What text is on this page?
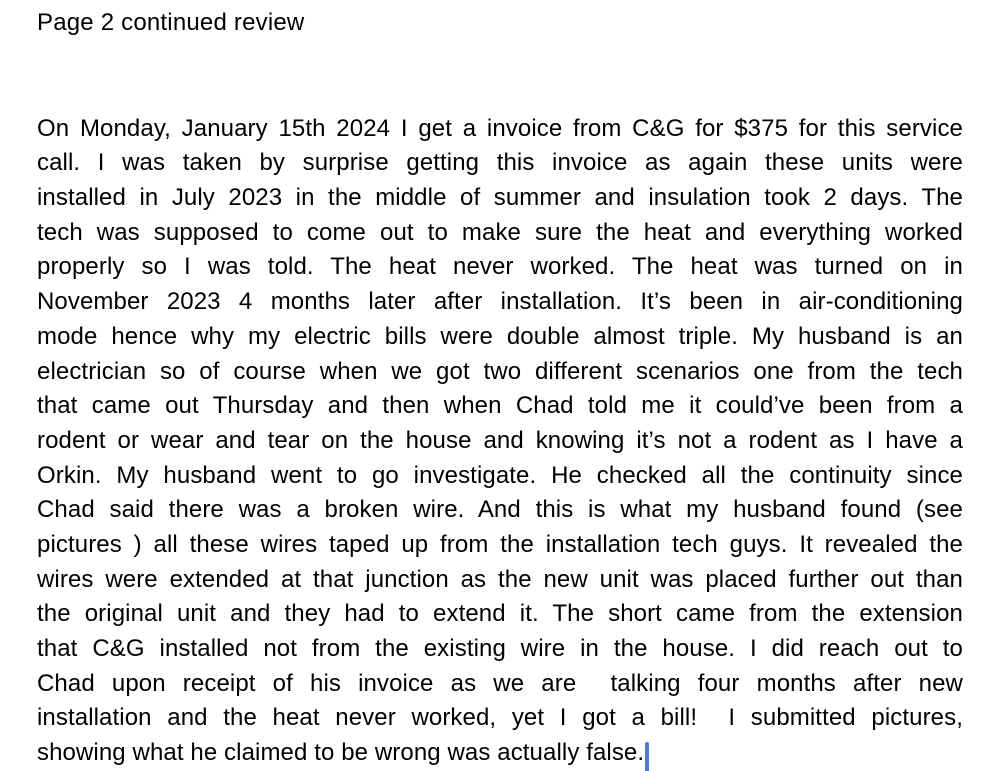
Page 2 continued review
On Monday, January 15th 2024 I get a invoice from C&G for $375 for this service
call. I was taken by surprise getting this invoice as again these units were
installed in July 2023 in the middle of summer and insulation took 2 days. The
tech was supposed to come out to make sure the heat and everything worked
properly so I was told. The heat never worked. The heat was turned on in
November 2023 4 months later after installation. It’s been in air-conditioning
mode hence why my electric bills were double almost triple. My husband is an
electrician so of course when we got two different scenarios one from the tech
that came out Thursday and then when Chad told me it could’ve been from a
rodent or wear and tear on the house and knowing it’s not a rodent as I have a
Orkin. My husband went to go investigate. He checked all the continuity since
Chad said there was a broken wire. And this is what my husband found (see
pictures ) all these wires taped up from the installation tech guys. It revealed the
wires were extended at that junction as the new unit was placed further out than
the original unit and they had to extend it. The short came from the extension
that C&G installed not from the existing wire in the house. I did reach out to
Chad upon receipt of his invoice as we are  talking four months after new
installation and the heat never worked, yet I got a bill!  I submitted pictures,
showing what he claimed to be wrong was actually false.
